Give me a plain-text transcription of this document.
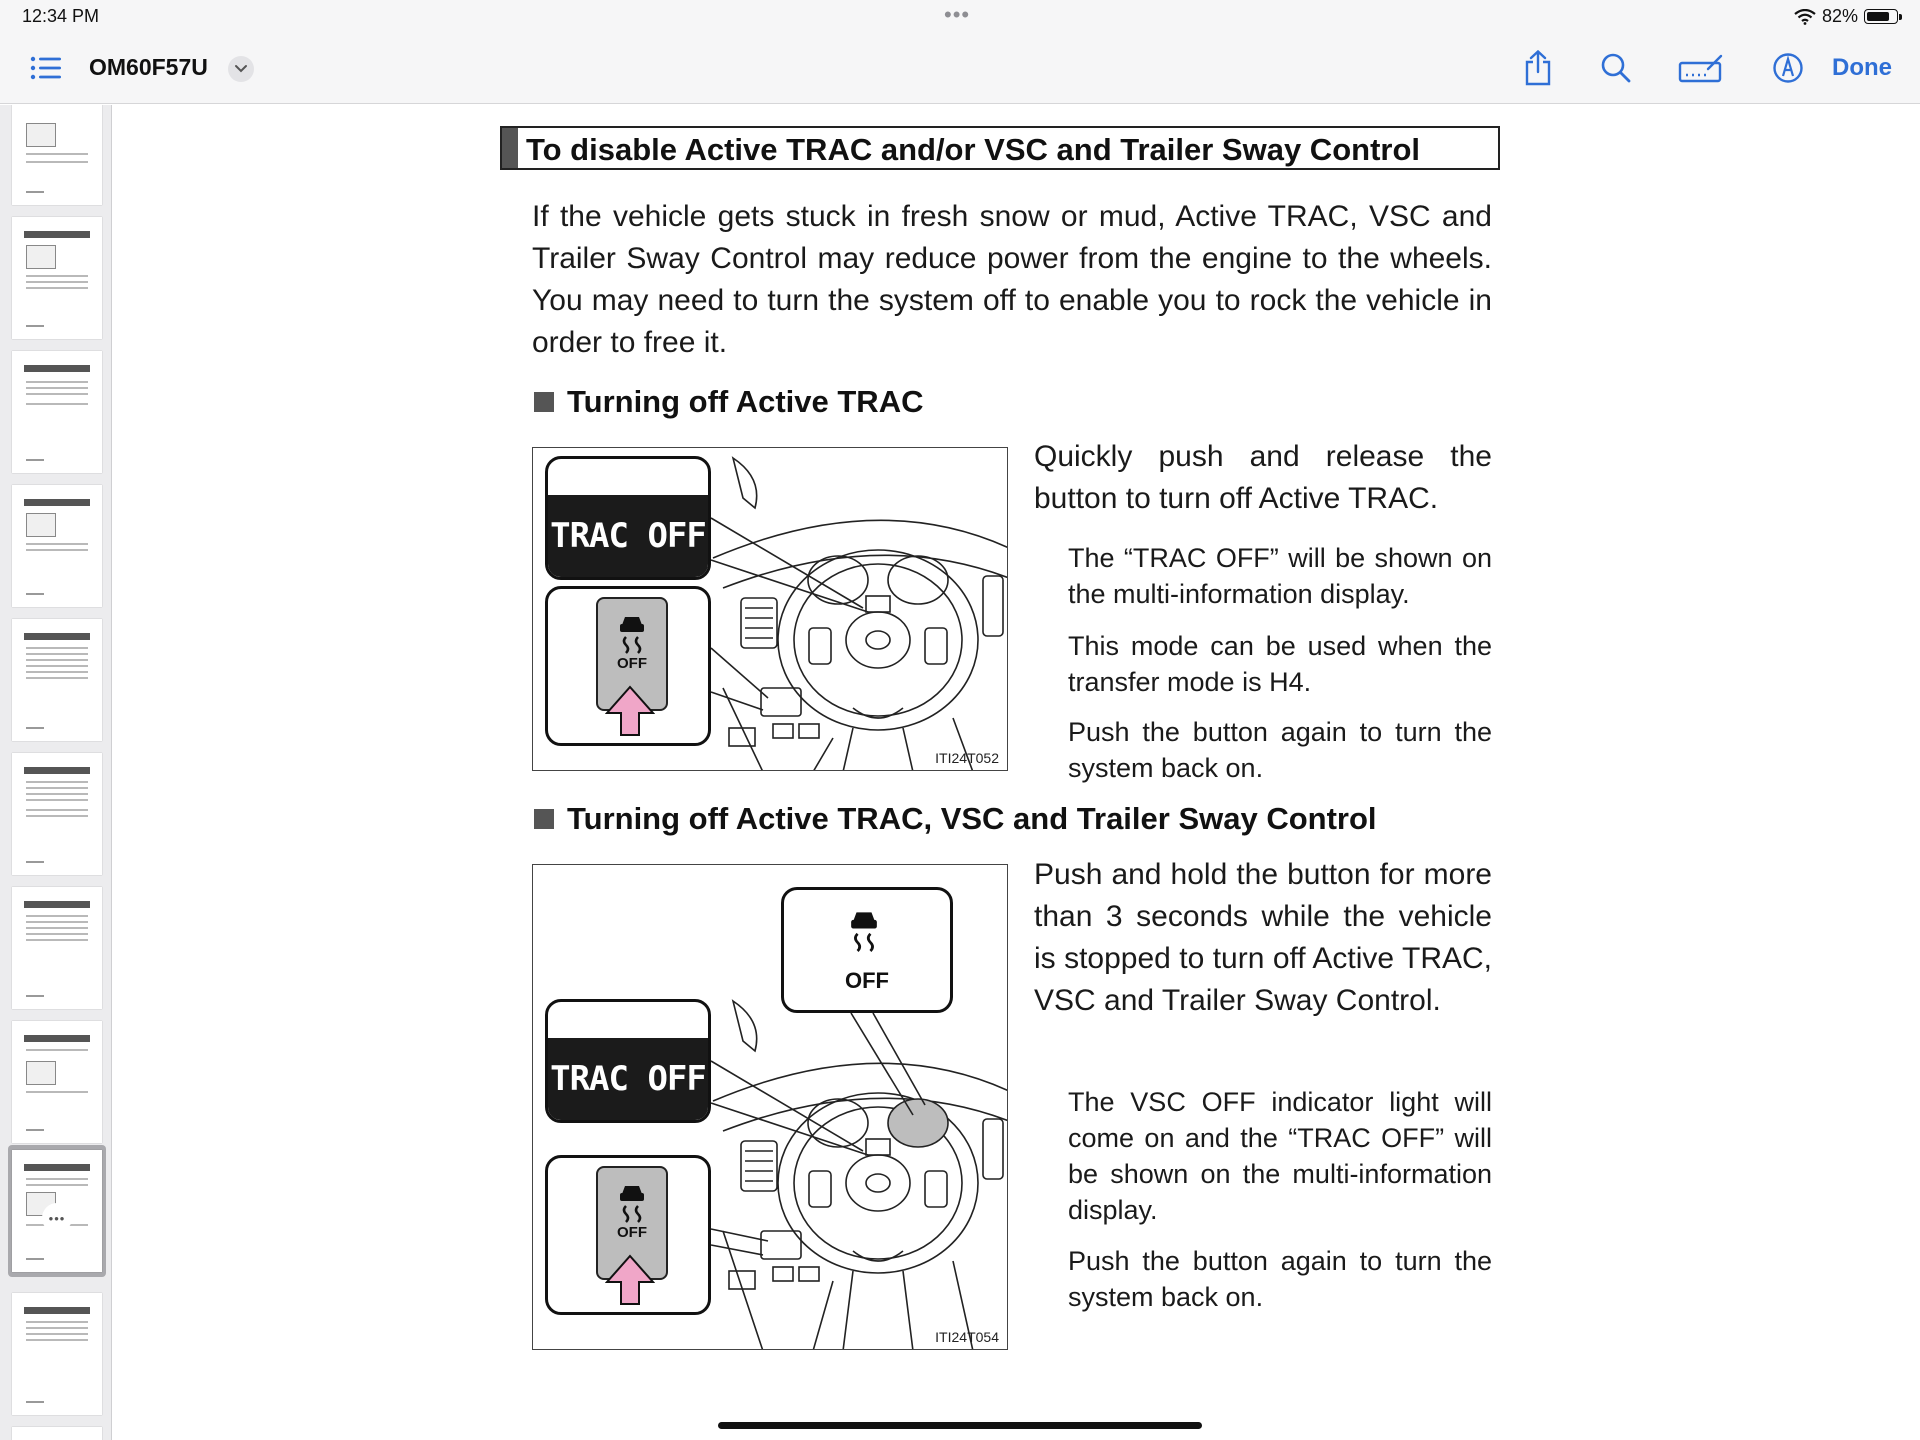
12:34 PM	•••	82%
OM60F57U	Done
•••
To disable Active TRAC and/or VSC and Trailer Sway Control

If the vehicle gets stuck in fresh snow or mud, Active TRAC, VSC and Trailer Sway Control may reduce power from the engine to the wheels. You may need to turn the system off to enable you to rock the vehicle in order to free it.

Turning off Active TRAC
TRAC OFF
OFF
ITI24T052

Quickly push and release the button to turn off Active TRAC.

The “TRAC OFF” will be shown on the multi-information display.

This mode can be used when the transfer mode is H4.

Push the button again to turn the system back on.

Turning off Active TRAC, VSC and Trailer Sway Control
OFF
TRAC OFF
OFF
ITI24T054

Push and hold the button for more than 3 seconds while the vehicle is stopped to turn off Active TRAC, VSC and Trailer Sway Control.

The VSC OFF indicator light will come on and the “TRAC OFF” will be shown on the multi-information display.

Push the button again to turn the system back on.
